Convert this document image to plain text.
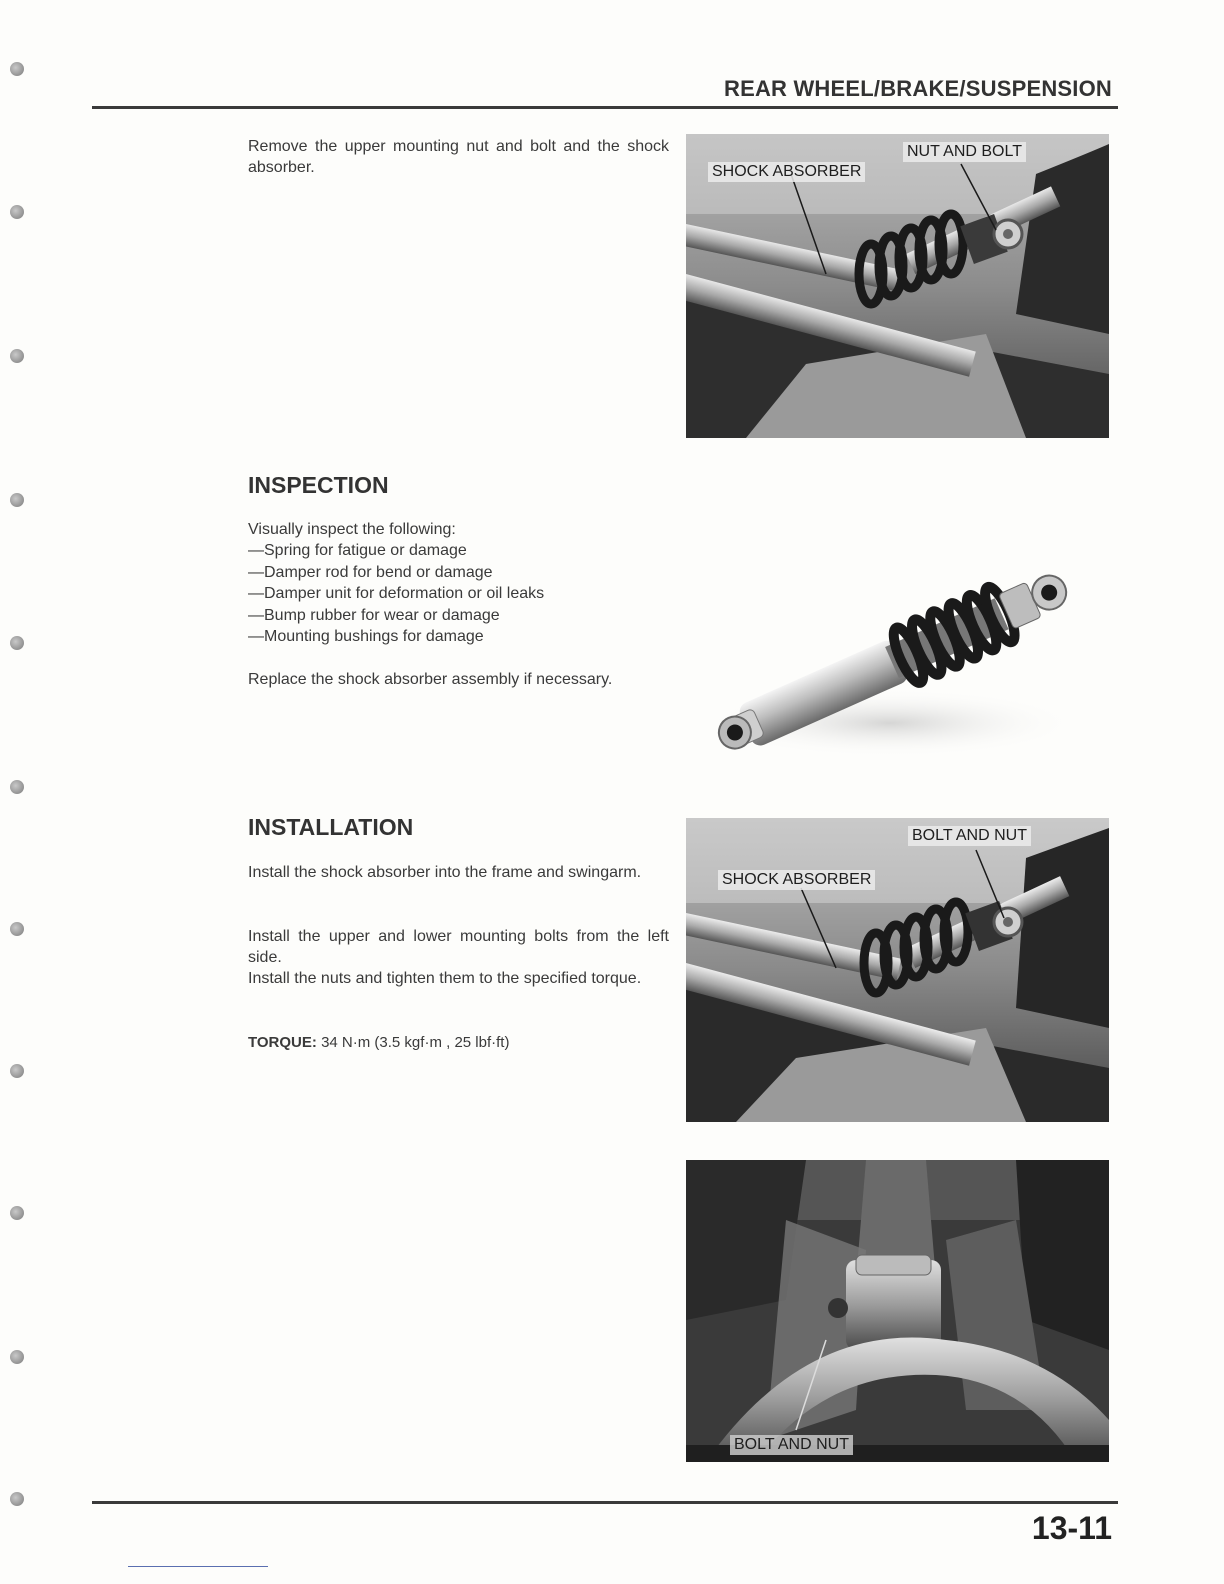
REAR WHEEL/BRAKE/SUSPENSION
Remove the upper mounting nut and bolt and the shock absorber.	SHOCK ABSORBER
NUT AND BOLT
INSPECTION
Visually inspect the following:
—Spring for fatigue or damage
—Damper rod for bend or damage
—Damper unit for deformation or oil leaks
—Bump rubber for wear or damage
—Mounting bushings for damage
Replace the shock absorber assembly if necessary.
INSTALLATION
Install the shock absorber into the frame and swingarm.
Install the upper and lower mounting bolts from the left side.
Install the nuts and tighten them to the specified torque.
TORQUE: 34 N·m (3.5 kgf·m , 25 lbf·ft)
SHOCK ABSORBER
BOLT AND NUT
BOLT AND NUT
13-11
